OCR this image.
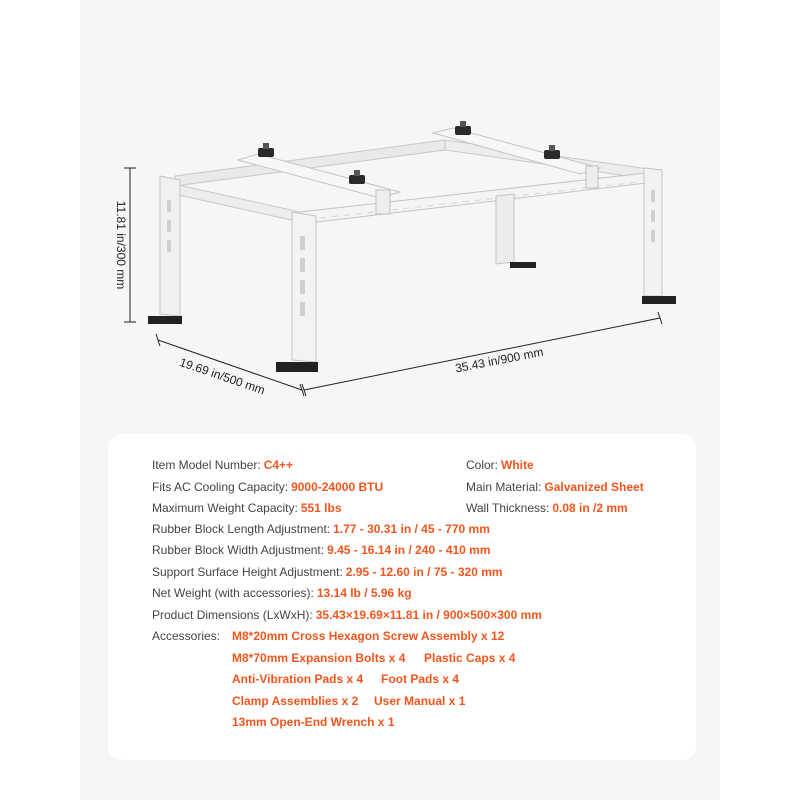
11.81 in/300 mm
19.69 in/500 mm	35.43 in/900 mm
Item Model Number: C4++
Fits AC Cooling Capacity: 9000-24000 BTU
Maximum Weight Capacity: 551 lbs
Rubber Block Length Adjustment: 1.77 - 30.31 in / 45 - 770 mm
Rubber Block Width Adjustment: 9.45 - 16.14 in / 240 - 410 mm
Support Surface Height Adjustment: 2.95 - 12.60 in / 75 - 320 mm
Net Weight (with accessories): 13.14 lb / 5.96 kg
Product Dimensions (LxWxH): 35.43×19.69×11.81 in / 900×500×300 mm
Color: White
Main Material: Galvanized Sheet
Wall Thickness: 0.08 in /2 mm
Accessories: M8*20mm Cross Hexagon Screw Assembly x 12
M8*70mm Expansion Bolts x 4 Plastic Caps x 4
Anti-Vibration Pads x 4 Foot Pads x 4
Clamp Assemblies x 2 User Manual x 1
13mm Open-End Wrench x 1
